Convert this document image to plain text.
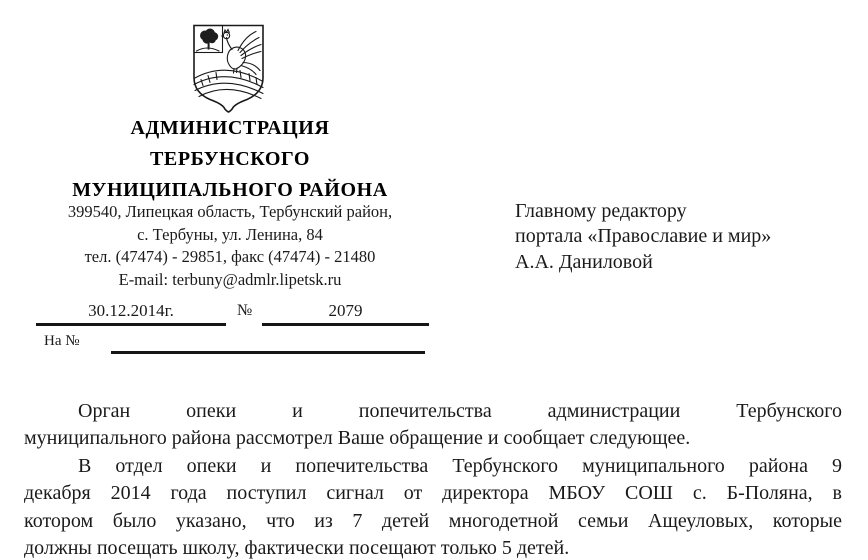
АДМИНИСТРАЦИЯ
ТЕРБУНСКОГО
МУНИЦИПАЛЬНОГО РАЙОНА
399540, Липецкая область, Тербунский район,
с. Тербуны, ул. Ленина, 84
тел. (47474) - 29851, факс (47474) - 21480
E-mail: terbuny@admlr.lipetsk.ru
30.12.2014г.	№	2079
На №
Главному редактору
портала «Православие и мир»
А.А. Даниловой
Орган опеки и попечительства администрации Тербунского
муниципального района рассмотрел Ваше обращение и сообщает следующее.
В отдел опеки и попечительства Тербунского муниципального района 9
декабря 2014 года поступил сигнал от директора МБОУ СОШ с. Б-Поляна, в
котором было указано, что из 7 детей многодетной семьи Ащеуловых, которые
должны посещать школу, фактически посещают только 5 детей.
